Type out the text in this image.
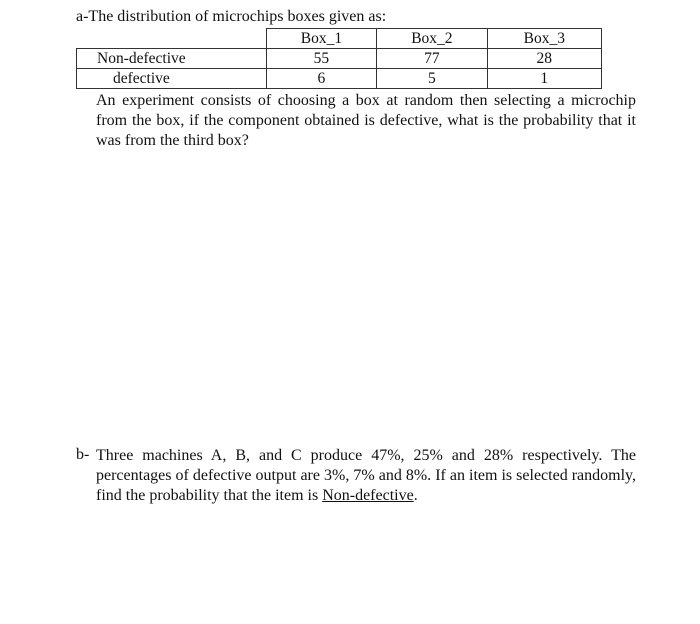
a-The distribution of microchips boxes given as:
	Box_1	Box_2	Box_3
Non-defective	55	77	28
defective	6	5	1
An experiment consists of choosing a box at random then selecting a microchip from the box, if the component obtained is defective, what is the probability that it was from the third box?
b- Three machines A, B, and C produce 47%, 25% and 28% respectively. The percentages of defective output are 3%, 7% and 8%. If an item is selected randomly, find the probability that the item is Non-defective.
